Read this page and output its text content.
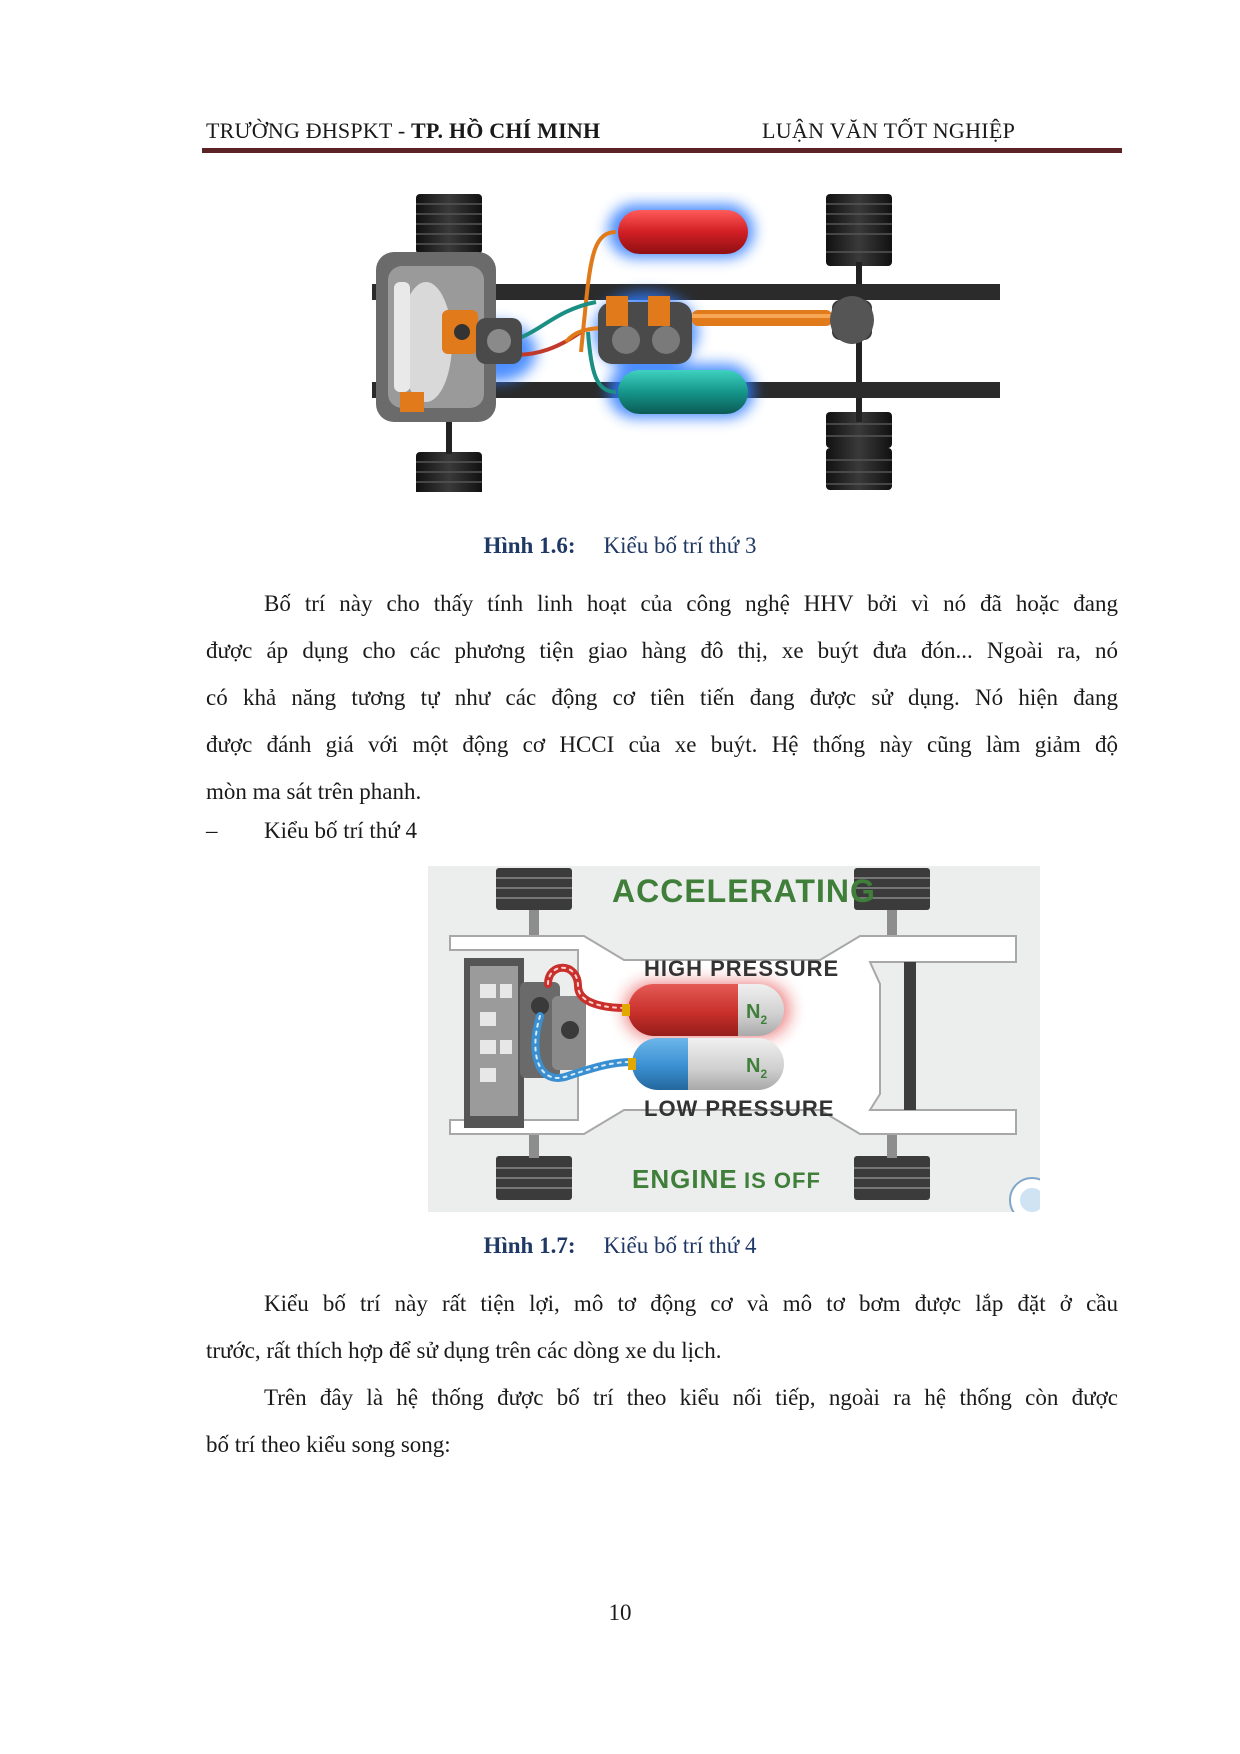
TRƯỜNG ĐHSPKT - TP. HỒ CHÍ MINH	LUẬN VĂN TỐT NGHIỆP
Hình 1.6: Kiểu bố trí thứ 3
Bố trí này cho thấy tính linh hoạt của công nghệ HHV bởi vì nó đã hoặc đang
được áp dụng cho các phương tiện giao hàng đô thị, xe buýt đưa đón... Ngoài ra, nó
có khả năng tương tự như các động cơ tiên tiến đang được sử dụng. Nó hiện đang
được đánh giá với một động cơ HCCI của xe buýt. Hệ thống này cũng làm giảm độ
mòn ma sát trên phanh.
– Kiểu bố trí thứ 4
$N_2$
$N_2$
ACCELERATING
HIGH PRESSURE
LOW PRESSURE
ENGINE IS OFF
Hình 1.7: Kiểu bố trí thứ 4
Kiểu bố trí này rất tiện lợi, mô tơ động cơ và mô tơ bơm được lắp đặt ở cầu
trước, rất thích hợp để sử dụng trên các dòng xe du lịch.
Trên đây là hệ thống được bố trí theo kiểu nối tiếp, ngoài ra hệ thống còn được
bố trí theo kiểu song song:
10
